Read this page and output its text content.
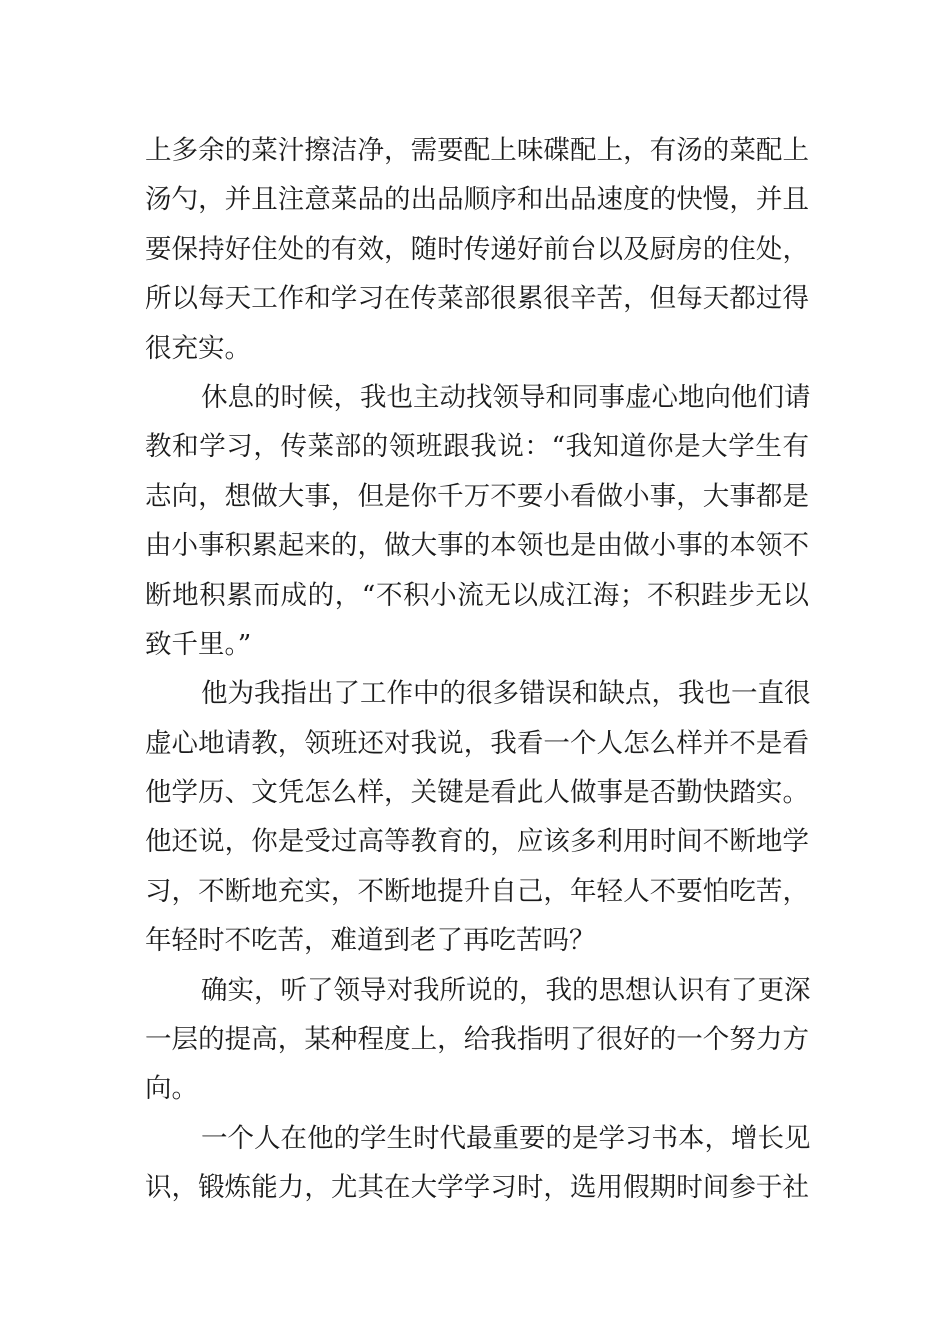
上多余的菜汁擦洁净，需要配上味碟配上，有汤的菜配上
汤勺，并且注意菜品的出品顺序和出品速度的快慢，并且
要保持好住处的有效，随时传递好前台以及厨房的住处，
所以每天工作和学习在传菜部很累很辛苦，但每天都过得
很充实。
休息的时候，我也主动找领导和同事虚心地向他们请
教和学习，传菜部的领班跟我说：“我知道你是大学生有
志向，想做大事，但是你千万不要小看做小事，大事都是
由小事积累起来的，做大事的本领也是由做小事的本领不
断地积累而成的，“不积小流无以成江海；不积跬步无以
致千里。”
他为我指出了工作中的很多错误和缺点，我也一直很
虚心地请教，领班还对我说，我看一个人怎么样并不是看
他学历、文凭怎么样，关键是看此人做事是否勤快踏实。
他还说，你是受过高等教育的，应该多利用时间不断地学
习，不断地充实，不断地提升自己，年轻人不要怕吃苦，
年轻时不吃苦，难道到老了再吃苦吗？
确实，听了领导对我所说的，我的思想认识有了更深
一层的提高，某种程度上，给我指明了很好的一个努力方
向。
一个人在他的学生时代最重要的是学习书本，增长见
识，锻炼能力，尤其在大学学习时，选用假期时间参于社
